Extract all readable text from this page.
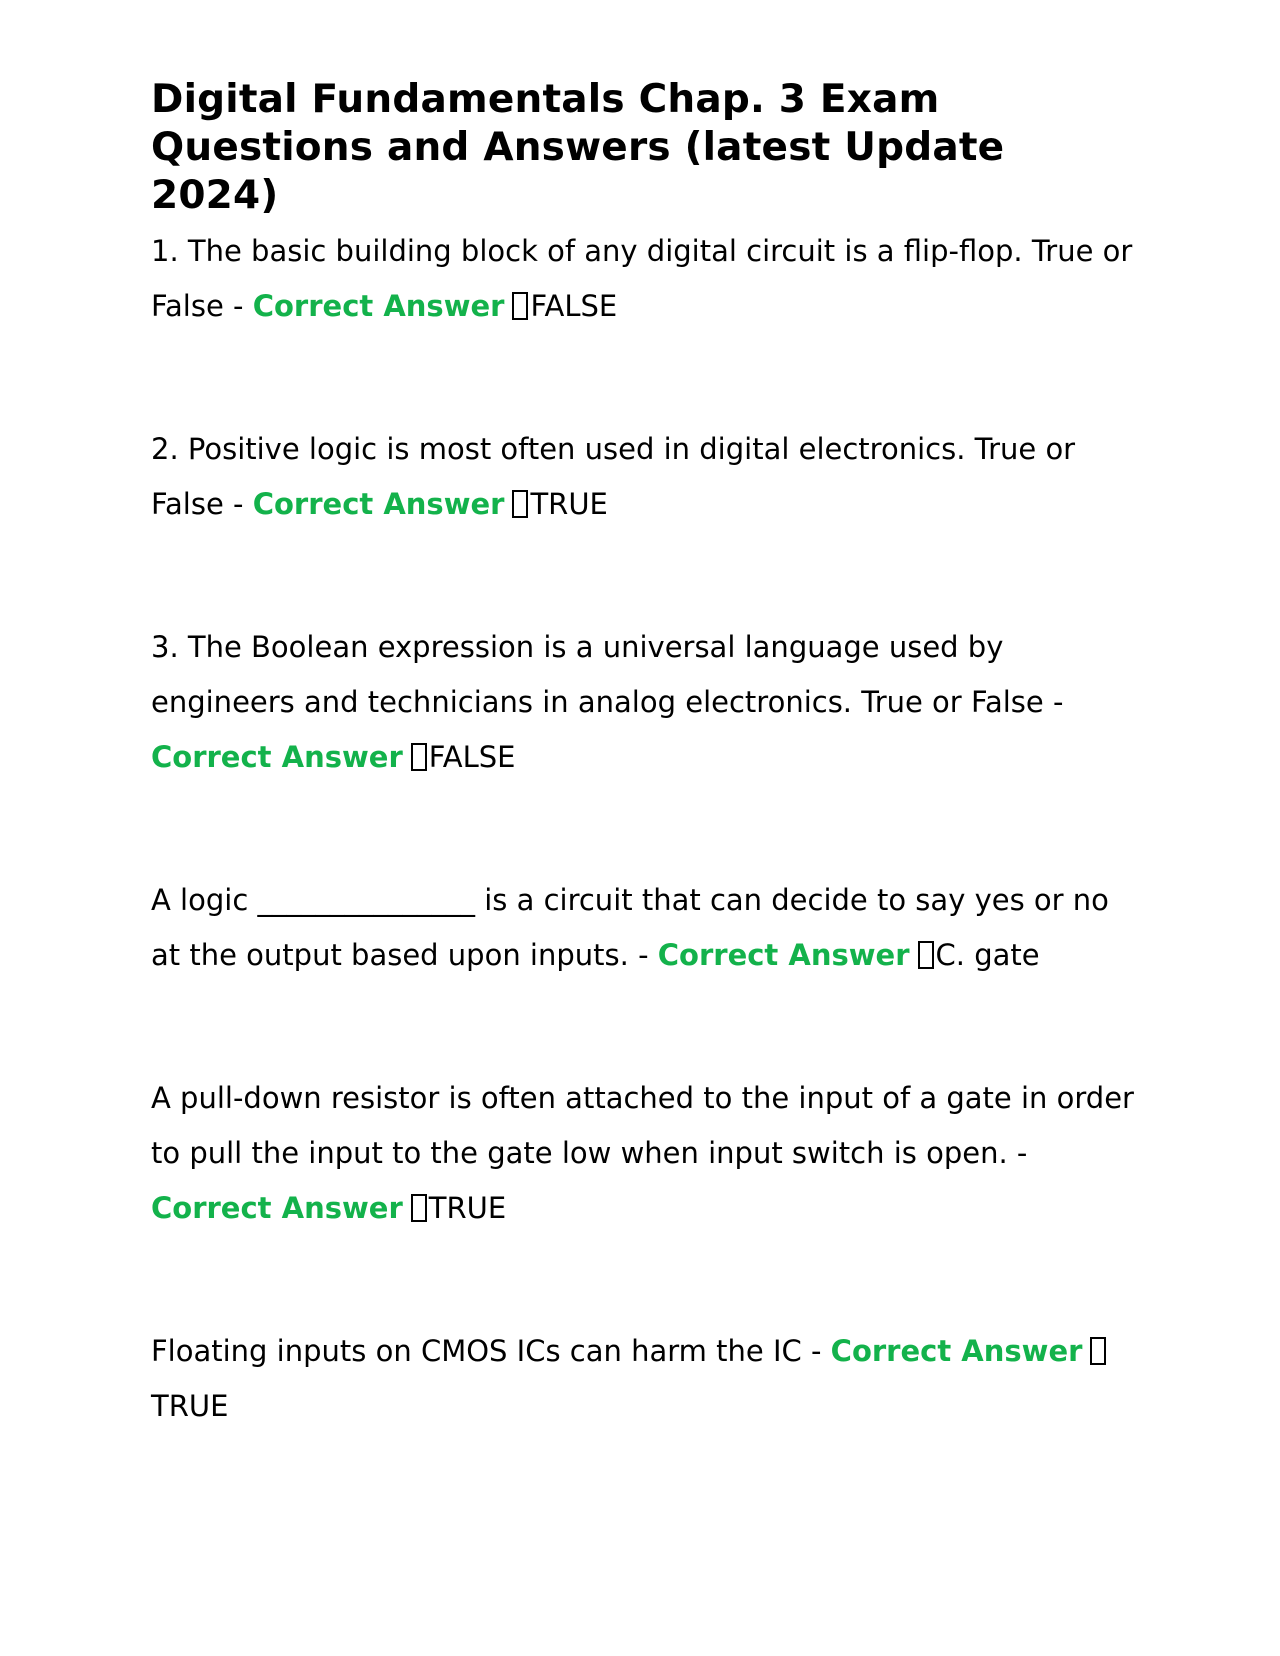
Digital Fundamentals Chap. 3 Exam Questions and Answers (latest Update 2024)

1. The basic building block of any digital circuit is a flip-flop. True or False - Correct Answer FALSE

2. Positive logic is most often used in digital electronics. True or False - Correct Answer TRUE

3. The Boolean expression is a universal language used by engineers and technicians in analog electronics. True or False - Correct Answer FALSE

A logic _______________ is a circuit that can decide to say yes or no at the output based upon inputs. - Correct Answer C. gate

A pull-down resistor is often attached to the input of a gate in order to pull the input to the gate low when input switch is open. - Correct Answer TRUE

Floating inputs on CMOS ICs can harm the IC - Correct AnswerTRUE
